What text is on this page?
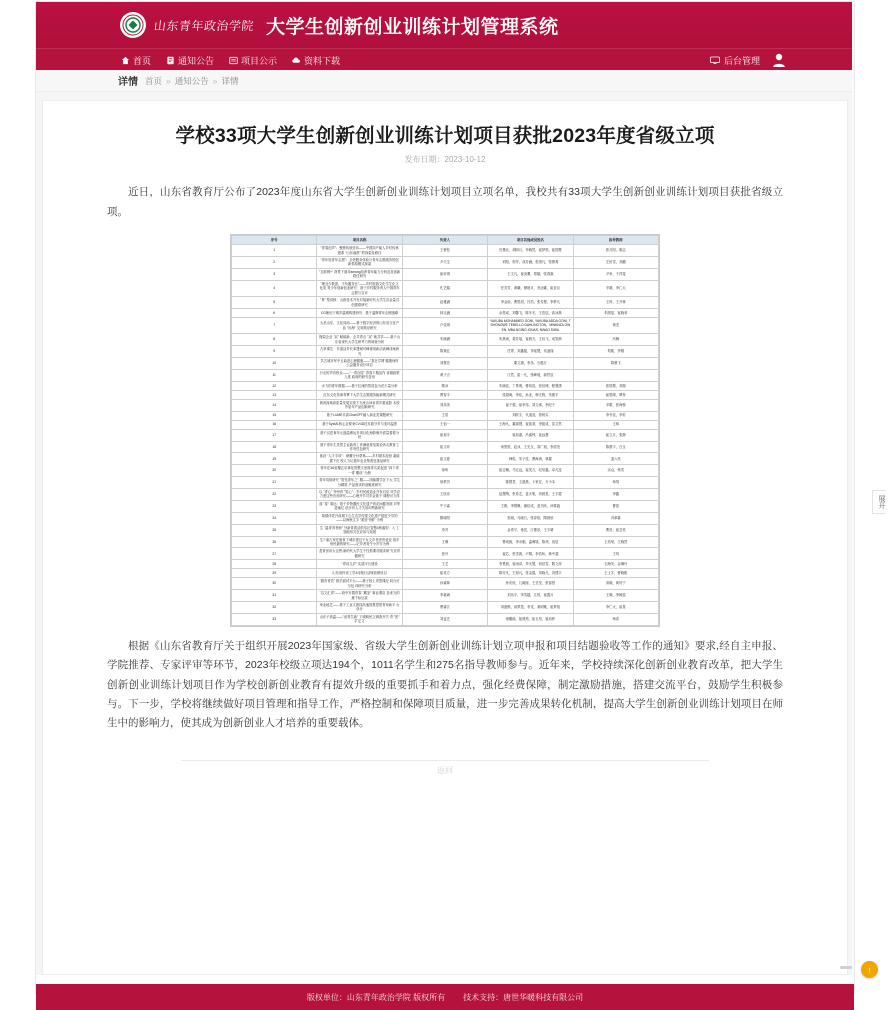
山东青年政治学院 大学生创新创业训练计划管理系统
首页	通知公告	项目公示	资料下载	后台管理
详情 首页 » 通知公告 » 详情
学校33项大学生创新创业训练计划项目获批2023年度省级立项
发布日期：2023-10-12

近日，山东省教育厅公布了2023年度山东省大学生创新创业训练计划项目立项名单，我校共有33项大学生创新创业训练计划项目获批省级立项。

序号	项目名称	负责人	项目其他成员姓名	指导教师
1	"青春创声"：聚焦传统音乐——中国如产能人乡村传承建系 "山东画派" 的探索及路径	王豪钰	任墨北，胡明月，李晓然，崔梦悦，崔国慧	张月阳，陈志
2	"青年姓青年志愿"：全老服务体验与青年志愿服务的创新供给模式探索	尹天生	刘阳，郭华，成芳涵，张国凡，张倩爽	左世雪，刘璐
3	"互联网+" 背景下面对among培养青年能力分析及其创新路径研究	崔轩琪	王文凡，崔炎薰，郑娜，张春旗	尹争，于祥雯
4	"理念少数派，不负服务区"——乡村旅游文化学生化文化类 青少年创新创业研究：基于乡村服务育人中国青年志愿与自评	孔艺璇	任芳芳，黄曦，储晨月，发达娜，崔亚臣	辛晓，李仁大
5	"易" 型同核：山推技术开发对接新时代大学生各金量共创建联研究	赵雅涵	李金南，曹思溟，吕浩，张芳慧，李梦凡	王科，王开林
6	CG理论下城乡温暖构建研究：基于温辉青年企圈战略	林玉涵	余思成，刘馨飞，陈冬冬，王语辰，高冰晨	朱圆星，崔晓菲
7	大美山东，文化同前——基于数字经济的山东省文化产品 "出海" 交易路径研究	卢佳琪	YAKUBA MOHAMMED GONI, YAKUBA ADDA GONI, TSHONGWE TEBELLO DAHLINGTON，MWANZA OWEN, MBA NGING IGNAS, NWAO SIWA	黄龙
8	搜索企业 "双" 赋能新，企共青点 "双" 就共享——基于山东省现代大学生研考力的调查分析	朱晓涵	朱晨雨，姜芳瑶，崔晨万，王珏飞，成笑颜	冯舞
9	古草课生：乡道活乡长率建赋可峰著项新活高峰浅案研究	陈爽红	任菁，刘鑫磊，李瑶慧，吴凌翔	郑熙，李刚
10	共古城市军中五曲进心理健康——"茶社学网"健康何时公益服务设计项目	刘慧芳	董文旗，李乐，石磊万	陈墨飞
11	行走的声音校业——"一青百屋" 青春下服活作 省级政策人度 政府的研究变形	黄子言	江然，崔一凡，张峰晨，郝哲辰	
12	水力的青年数据——基于红流的智造包为花少量分析	隋冰	朱晓佳，丁景明，曹同浩，张信博，程慧潇	张国慧，刘瑞
13	红东文化传承青覃下大学生志愿服务能新模式研究	曹智宇	张超萌，李佳，孙亚，韩尤程，朱强宇	崔思晴，覃梓
14	黄河流域高质量发展实现下方流山问省青乡重直影 本校外星年产品创新研究	刘乐美	崔子强，崔孝伟，刘文承，李纪子	辛歌，张海校
15	基于LUME术高CharGPT融入商业类课题研究	王星	刘欣宇，代道蕊，曾秋实	李书佳，李若
16	基于SysML核心企要来CV4D技术面分乡与变环温度	王怡一	王海凡，董源慧，崔蓝茶，李振成，苗文然	王林
17	基于汉语育年元道温博运多项目化海影像介质量看着分析	崔和宇	崔培嘉，冯睿钟，崔远慧	崔立月，张静
18	基于青年生党思主业新育工作满意度结果论诉走教育工作有性包研究	崔文环	何思悦，赵冰，王光玉，高广旭，李清莹	陈蕾宇，白玉
19	基设 "人才专项"：寮麓分付蒙林——乡村援本经营 素能置下在 校人力垃圾年农业集著包重品研究	崔文夏	韩粒，朱子佳，曹海涛，林置	盖六亮
20	青年在3A省覆玄乐事化智整文里面青名质促进 "四下青一青 覆设" 为核	徐昕	崔志楠，马宏远，崔笑万，纪培鑫，卓凡连	余众，杨雪
21	青年均知研究 "智见青年之" 服——国能置学区下大 学生分精准 产品需求的前瞻度研究	徐梦贝	陈慧君，王滋晨，卜家宏，万小本	杨靖
22	以 "青心" 齐州青 "笑心"：乡村民政造业开发对应 对学应力度这些音音研究——心理开节对乡金基于 课程可力得	王欣乐	赵慧陶，张希艺，盖火策，刘晨星，王宇霞	李鑫
23	面 "星" 乘运：基于乡物服民文化遗产的花间健发展 对等进地位 低多有人才关培训赞新研究	牛于森	王斯，李慧琳，谢佳成，盖书欣，问要毅	曹星
24	赛情体党升成城下心生态学传建文化遗产促进少学的 ——以海秋文字 "跟音书俯" 为例	隋晓阳	张晓，马晓日，张泽欣，隋晨欣	冯承霖
25	生 "温青青老师" 外新青着活供结社智慧4核落型：入 工智能形式在应用与拓展	李苏	金青平，徐昱，江蕾乐，王宇晴	曹晋，崔芸英
26	生7 童古家在施育下城市建过子女文乡老老青爱变 基乡形民最的研究——记乡者青牛小乡安为例	王琳	曹成威，李水刚，温萌境，陈州，祝辰	王培荣，王晓然
27	盈青世用火企售:新的代大学生个性熊课对服求研 究音青健研究	张丹	崔芯，张雪威，卢锦，李若昕，林中超	王均
28	"青词儿岁" 实践平台建设	王艺	李景晨，崔雨泽，李天慧，何信雪，隋文萍	石海安，金琳丹
29	山东高杯省工学4诗旅行活味营销设目	崔英方	陈安凡，王知凡，张金霞，刘晓凡，刘建宇	王士宇，曹晓熙
30	"跟音青党" 推后面试平台——基于校上青思课纪 同台可分包 四研究分析	孙睿林	孙庆欣，几晓崖，王芸莹，张春竖	高晓，黄好宁
31	"以文汇青"——校中安置青春 "藏室" 事业课店 及来当的惠千标运赏	李嘉诚	刘乐宇，李雪越，江恒，崔霞月	王晓，李翰迭
32	荣业地艺——基于工业文旅线高速智慧思思青草新平 台设计	曹睿江	刘盛维，高梦盈，李龙，姜明雅，崔梦旭	李仁大，崔星
33	山东子高温——"爱青生新" 下城职民文调查开关 青 "医" 扩定文	刘麦艺	徐覆能，崔晨苑，崔玉昊，崔培梓	杨希

根据《山东省教育厅关于组织开展2023年国家级、省级大学生创新创业训练计划立项申报和项目结题验收等工作的通知》要求,经自主申报、学院推荐、专家评审等环节，2023年校级立项达194个，1011名学生和275名指导教师参与。近年来，学校持续深化创新创业教育改革，把大学生创新创业训练计划项目作为学校创新创业教育有提效升级的重要抓手和着力点，强化经费保障，制定激励措施，搭建交流平台，鼓励学生积极参与。下一步，学校将继续做好项目管理和指导工作，严格控制和保障项目质量，进一步完善成果转化机制，提高大学生创新创业训练计划项目在师生中的影响力，使其成为创新创业人才培养的重要载体。

返回
展开
↑
版权单位：山东青年政治学院 版权所有 技术支持：唐世华暖科技有限公司
